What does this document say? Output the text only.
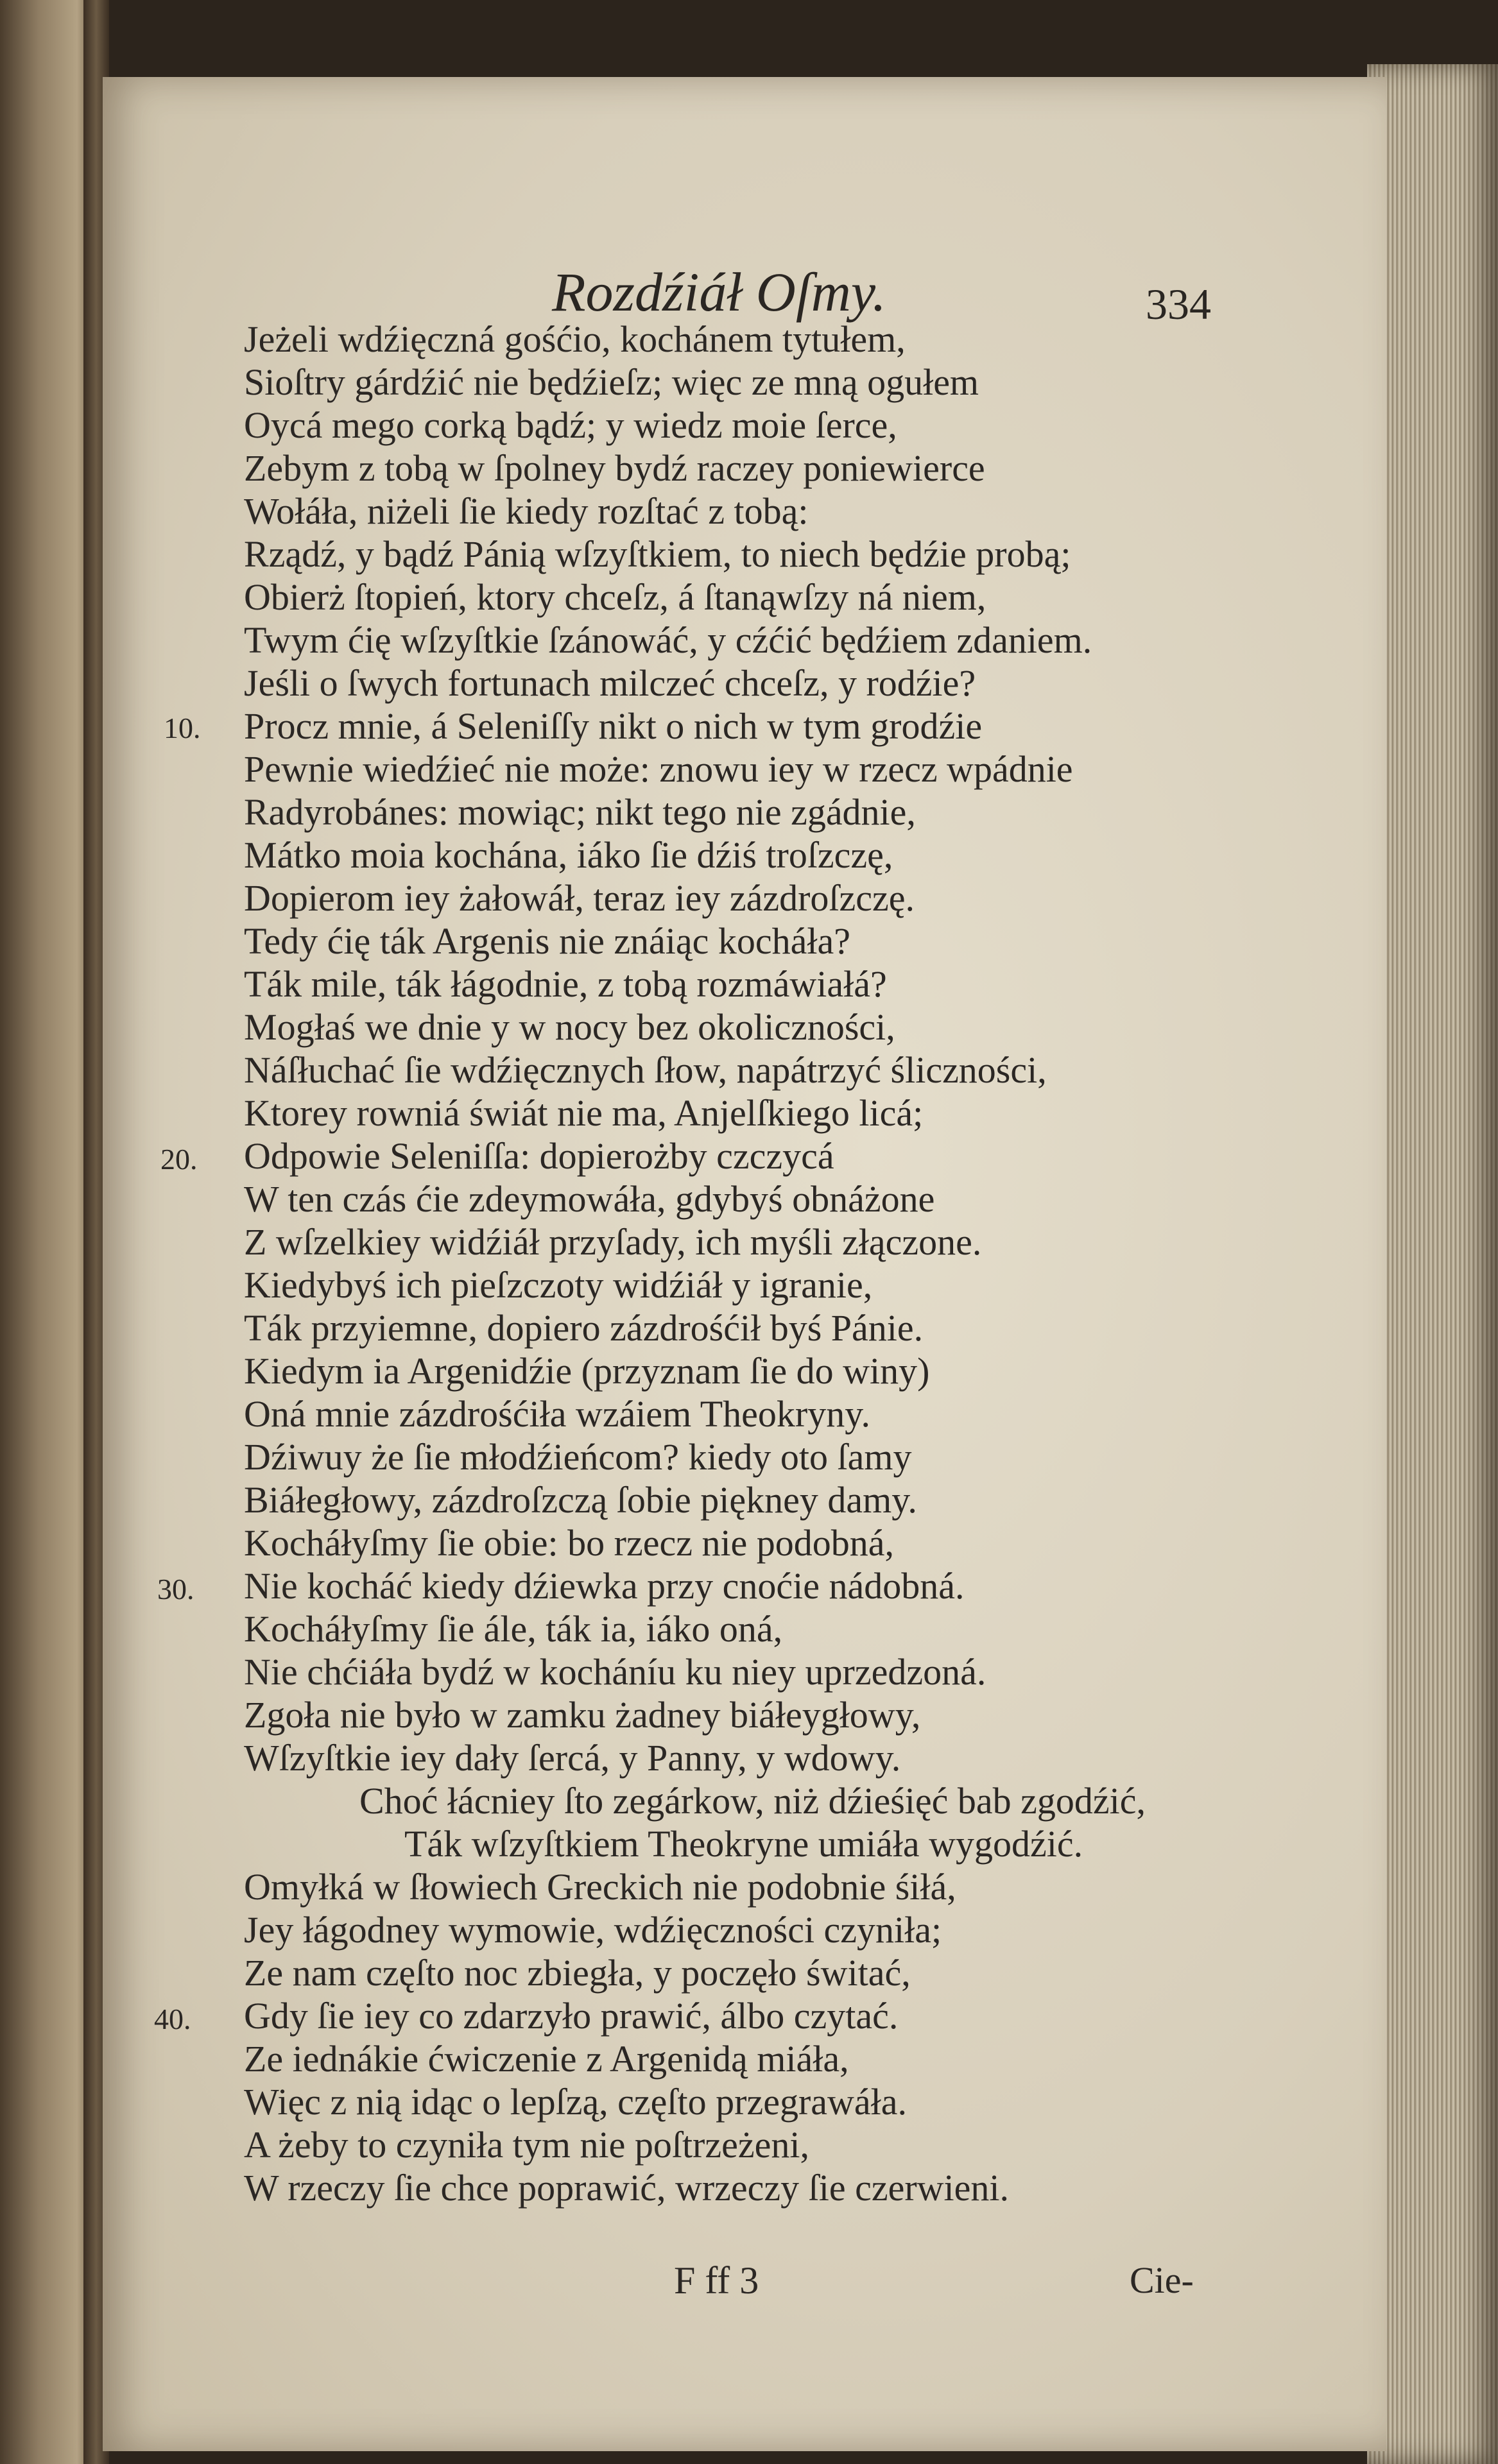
Rozdźiáł Oſmy.	334
Jeżeli wdźięczná gośćio, kochánem tytułem,
Sioſtry gárdźić nie będźieſz; więc ze mną ogułem
Oycá mego corką bądź; y wiedz moie ſerce,
Zebym z tobą w ſpolney bydź raczey poniewierce
Wołáła, niżeli ſie kiedy rozſtać z tobą:
Rządź, y bądź Pánią wſzyſtkiem, to niech będźie probą;
Obierż ſtopień, ktory chceſz, á ſtanąwſzy ná niem,
Twym ćię wſzyſtkie ſzánowáć, y cźćić będźiem zdaniem.
Jeśli o ſwych fortunach milczeć chceſz, y rodźie?
Procz mnie, á Seleniſſy nikt o nich w tym grodźie
Pewnie wiedźieć nie może: znowu iey w rzecz wpádnie
Radyrobánes: mowiąc; nikt tego nie zgádnie,
Mátko moia kochána, iáko ſie dźiś troſzczę,
Dopierom iey żałowáł, teraz iey zázdroſzczę.
Tedy ćię ták Argenis nie znáiąc kocháła?
Ták mile, ták łágodnie, z tobą rozmáwiałá?
Mogłaś we dnie y w nocy bez okoliczności,
Náſłuchać ſie wdźięcznych ſłow, napátrzyć śliczności,
Ktorey rowniá świát nie ma, Anjelſkiego licá;
Odpowie Seleniſſa: dopierożby czczycá
W ten czás ćie zdeymowáła, gdybyś obnáżone
Z wſzelkiey widźiáł przyſady, ich myśli złączone.
Kiedybyś ich pieſzczoty widźiáł y igranie,
Ták przyiemne, dopiero zázdrośćił byś Pánie.
Kiedym ia Argenidźie (przyznam ſie do winy)
Oná mnie zázdrośćiła wzáiem Theokryny.
Dźiwuy że ſie młodźieńcom? kiedy oto ſamy
Biáłegłowy, zázdroſzczą ſobie piękney damy.
Kocháłyſmy ſie obie: bo rzecz nie podobná,
Nie kocháć kiedy dźiewka przy cnoćie nádobná.
Kocháłyſmy ſie ále, ták ia, iáko oná,
Nie chćiáła bydź w kocháníu ku niey uprzedzoná.
Zgoła nie było w zamku żadney biáłeygłowy,
Wſzyſtkie iey dały ſercá, y Panny, y wdowy.
Choć łácniey ſto zegárkow, niż dźieśięć bab zgodźić,
Ták wſzyſtkiem Theokryne umiáła wygodźić.
Omyłká w ſłowiech Greckich nie podobnie śiłá,
Jey łágodney wymowie, wdźięczności czyniła;
Ze nam częſto noc zbiegła, y poczęło świtać,
Gdy ſie iey co zdarzyło prawić, álbo czytać.
Ze iednákie ćwiczenie z Argenidą miáła,
Więc z nią idąc o lepſzą, częſto przegrawáła.
A żeby to czyniła tym nie poſtrzeżeni,
W rzeczy ſie chce poprawić, wrzeczy ſie czerwieni.
10.
20.
30.
40.
F ff 3	Cie-
